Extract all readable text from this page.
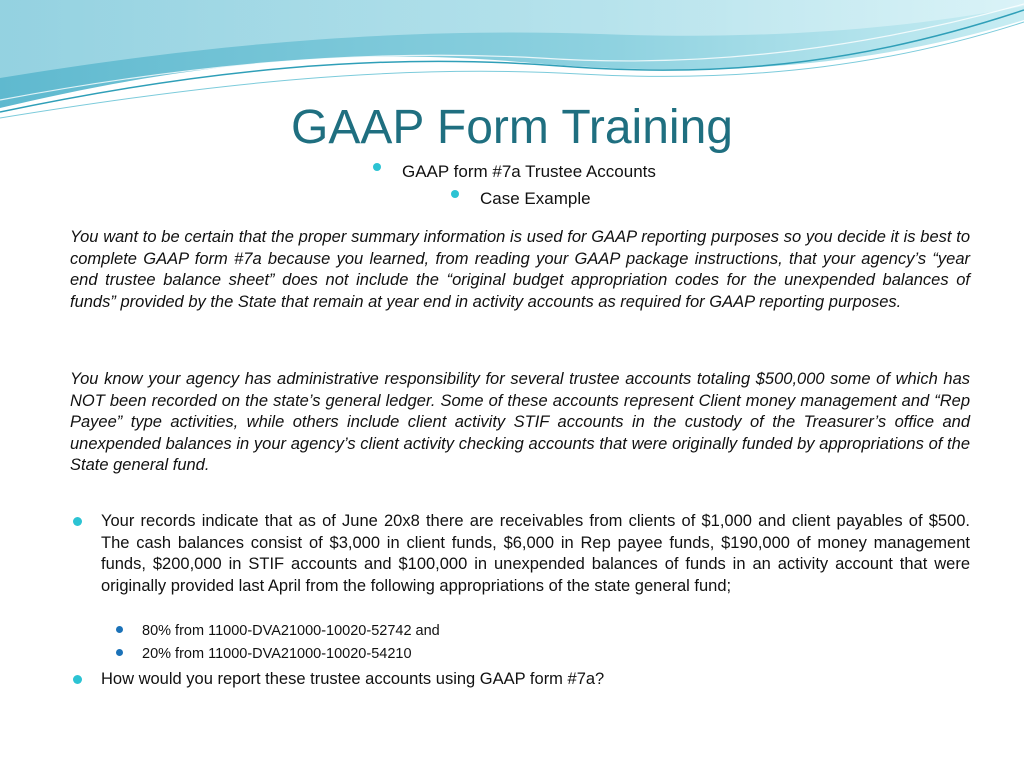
GAAP Form Training
GAAP form #7a Trustee Accounts
Case Example

You want to be certain that the proper summary information is used for GAAP reporting purposes so you decide it is best to complete GAAP form #7a because you learned, from reading your GAAP package instructions, that your agency’s “year end trustee balance sheet” does not include the “original budget appropriation codes for the unexpended balances of funds” provided by the State that remain at year end in activity accounts as required for GAAP reporting purposes.

You know your agency has administrative responsibility for several trustee accounts totaling $500,000 some of which has NOT been recorded on the state’s general ledger. Some of these accounts represent Client money management and “Rep Payee” type activities, while others include client activity STIF accounts in the custody of the Treasurer’s office and unexpended balances in your agency’s client activity checking accounts that were originally funded by appropriations of the State general fund.

Your records indicate that as of June 20x8 there are receivables from clients of $1,000 and client payables of $500. The cash balances consist of $3,000 in client funds, $6,000 in Rep payee funds, $190,000 of money management funds, $200,000 in STIF accounts and $100,000 in unexpended balances of funds in an activity account that were originally provided last April from the following appropriations of the state general fund;
80% from 11000-DVA21000-10020-52742 and
20% from 11000-DVA21000-10020-54210
How would you report these trustee accounts using GAAP form #7a?
